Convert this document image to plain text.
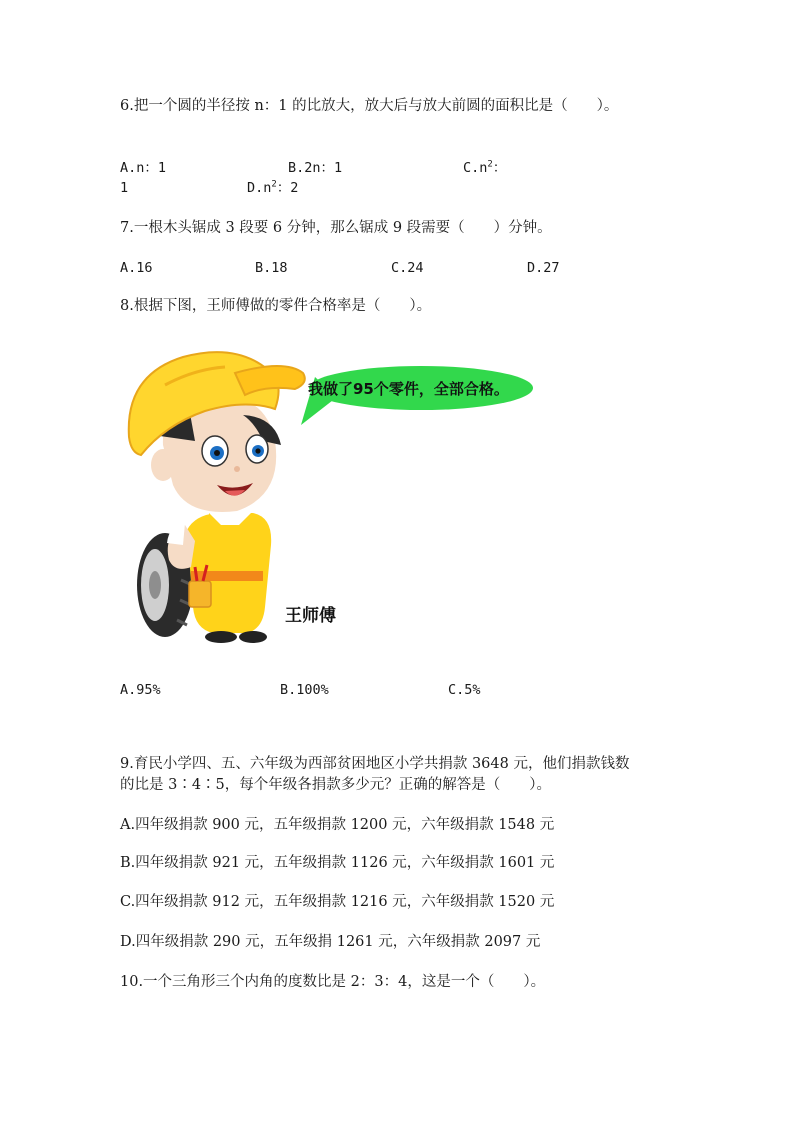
6.把一个圆的半径按 n：1 的比放大，放大后与放大前圆的面积比是（　　）。
A.n：1	B.2n：1	$C.n^2$：
1	$D.n^2$：2
7.一根木头锯成 3 段要 6 分钟，那么锯成 9 段需要（　　）分钟。
A.16	B.18	C.24	D.27
8.根据下图，王师傅做的零件合格率是（　　）。
我做了95个零件，全部合格。
王师傅
A.95%	B.100%	C.5%
9.育民小学四、五、六年级为西部贫困地区小学共捐款 3648 元，他们捐款钱数
的比是 3∶4∶5，每个年级各捐款多少元？正确的解答是（　　）。
A.四年级捐款 900 元，五年级捐款 1200 元，六年级捐款 1548 元
B.四年级捐款 921 元，五年级捐款 1126 元，六年级捐款 1601 元
C.四年级捐款 912 元，五年级捐款 1216 元，六年级捐款 1520 元
D.四年级捐款 290 元，五年级捐 1261 元，六年级捐款 2097 元
10.一个三角形三个内角的度数比是 2：3：4，这是一个（　　）。
